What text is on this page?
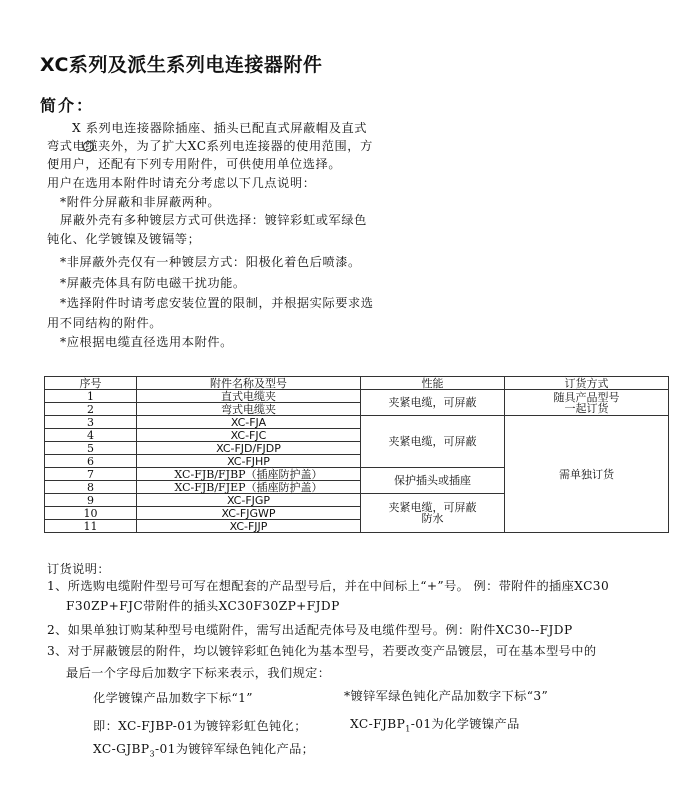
XC系列及派生系列电连接器附件
简介：
X 系列电连接器除插座、插头已配直式屏蔽帽及直式
弯式电缆夹外，为了扩大XC系列电连接器的使用范围，方
便用户，还配有下列专用附件，可供使用单位选择。
用户在选用本附件时请充分考虑以下几点说明：
*附件分屏蔽和非屏蔽两种。
屏蔽外壳有多种镀层方式可供选择：镀锌彩虹或军绿色
钝化、化学镀镍及镀镉等；
*非屏蔽外壳仅有一种镀层方式：阳极化着色后喷漆。
*屏蔽壳体具有防电磁干扰功能。
*选择附件时请考虑安装位置的限制，并根据实际要求选
用不同结构的附件。
*应根据电缆直径选用本附件。
序号	附件名称及型号	性能	订货方式
1	直式电缆夹	夹紧电缆，可屏蔽	随具产品型号
一起订货

2	弯式电缆夹		
3	XC-FJA	夹紧电缆，可屏蔽	需单独订货
4	XC-FJC		
5	XC-FJD/FJDP		
6	XC-FJHP		
7	XC-FJB/FJBP（插座防护盖）	保护插头或插座	
8	XC-FJB/FJEP（插座防护盖）		
9	XC-FJGP	夹紧电缆，可屏蔽
防水	

10	XC-FJGWP		
11	XC-FJJP		
订货说明：
1、所选购电缆附件型号可写在想配套的产品型号后，并在中间标上“+”号。 例：带附件的插座XC30
F30ZP+FJC带附件的插头XC30F30ZP+FJDP
2、如果单独订购某种型号电缆附件，需写出适配壳体号及电缆件型号。例：附件XC30--FJDP
3、对于屏蔽镀层的附件，均以镀锌彩虹色钝化为基本型号，若要改变产品镀层，可在基本型号中的
最后一个字母后加数字下标来表示，我们规定：
化学镀镍产品加数字下标“1”	*镀锌军绿色钝化产品加数字下标“3”
即：XC-FJBP-01为镀锌彩虹色钝化；	$XC-FJBP_1-01$为化学镀镍产品
$XC-GJBP_3-01$为镀锌军绿色钝化产品；
